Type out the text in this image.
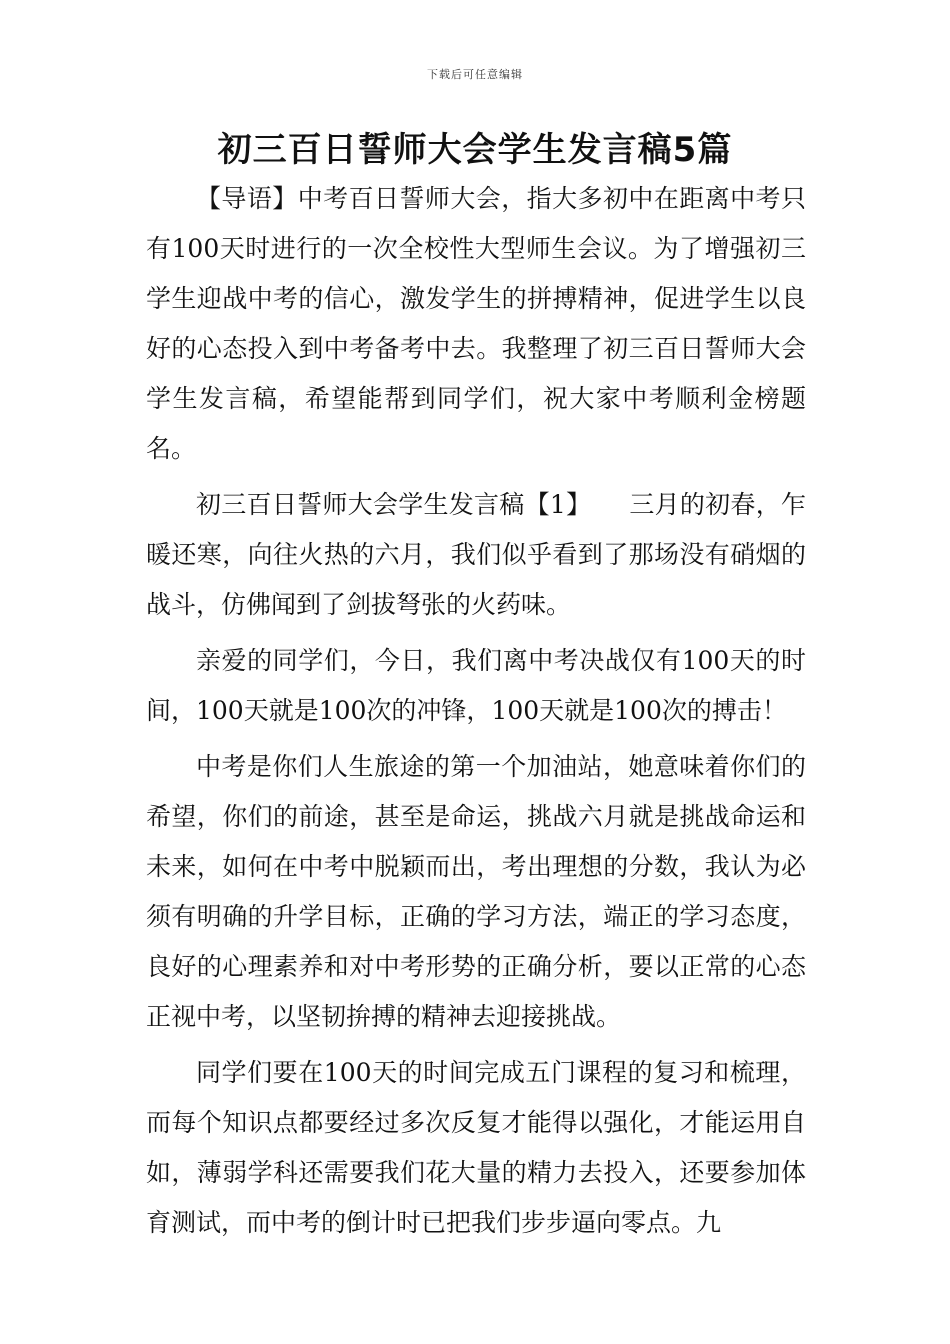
下载后可任意编辑
初三百日誓师大会学生发言稿5篇

【导语】中考百日誓师大会，指大多初中在距离中考只有100天时进行的一次全校性大型师生会议。为了增强初三学生迎战中考的信心，激发学生的拼搏精神，促进学生以良好的心态投入到中考备考中去。我整理了初三百日誓师大会学生发言稿，希望能帮到同学们，祝大家中考顺利金榜题名。

初三百日誓师大会学生发言稿【1】　　三月的初春，乍暖还寒，向往火热的六月，我们似乎看到了那场没有硝烟的战斗，仿佛闻到了剑拔弩张的火药味。

亲爱的同学们，今日，我们离中考决战仅有100天的时间，100天就是100次的冲锋，100天就是100次的搏击！

中考是你们人生旅途的第一个加油站，她意味着你们的希望，你们的前途，甚至是命运，挑战六月就是挑战命运和未来，如何在中考中脱颖而出，考出理想的分数，我认为必须有明确的升学目标，正确的学习方法，端正的学习态度，良好的心理素养和对中考形势的正确分析，要以正常的心态正视中考，以坚韧拚搏的精神去迎接挑战。

同学们要在100天的时间完成五门课程的复习和梳理，而每个知识点都要经过多次反复才能得以强化，才能运用自如，薄弱学科还需要我们花大量的精力去投入，还要参加体育测试，而中考的倒计时已把我们步步逼向零点。九
